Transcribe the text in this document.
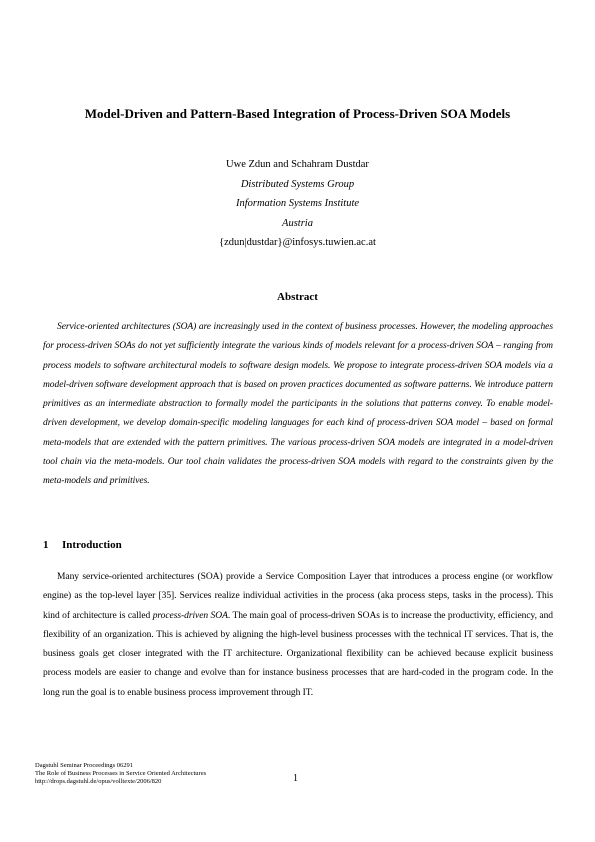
Model-Driven and Pattern-Based Integration of Process-Driven SOA Models
Uwe Zdun and Schahram Dustdar
Distributed Systems Group
Information Systems Institute
Austria
{zdun|dustdar}@infosys.tuwien.ac.at
Abstract

Service-oriented architectures (SOA) are increasingly used in the context of business processes. However, the modeling approaches for process-driven SOAs do not yet sufficiently integrate the various kinds of models relevant for a process-driven SOA – ranging from process models to software architectural models to software design models. We propose to integrate process-driven SOA models via a model-driven software development approach that is based on proven practices documented as software patterns. We introduce pattern primitives as an intermediate abstraction to formally model the participants in the solutions that patterns convey. To enable model-driven development, we develop domain-specific modeling languages for each kind of process-driven SOA model – based on formal meta-models that are extended with the pattern primitives. The various process-driven SOA models are integrated in a model-driven tool chain via the meta-models. Our tool chain validates the process-driven SOA models with regard to the constraints given by the meta-models and primitives.

1 Introduction

Many service-oriented architectures (SOA) provide a Service Composition Layer that introduces a process engine (or workflow engine) as the top-level layer [35]. Services realize individual activities in the process (aka process steps, tasks in the process). This kind of architecture is called process-driven SOA. The main goal of process-driven SOAs is to increase the productivity, efficiency, and flexibility of an organization. This is achieved by aligning the high-level business processes with the technical IT services. That is, the business goals get closer integrated with the IT architecture. Organizational flexibility can be achieved because explicit business process models are easier to change and evolve than for instance business processes that are hard-coded in the program code. In the long run the goal is to enable business process improvement through IT.

Dagstuhl Seminar Proceedings 06291
The Role of Business Processes in Service Oriented Architectures
http://drops.dagstuhl.de/opus/volltexte/2006/820	1
